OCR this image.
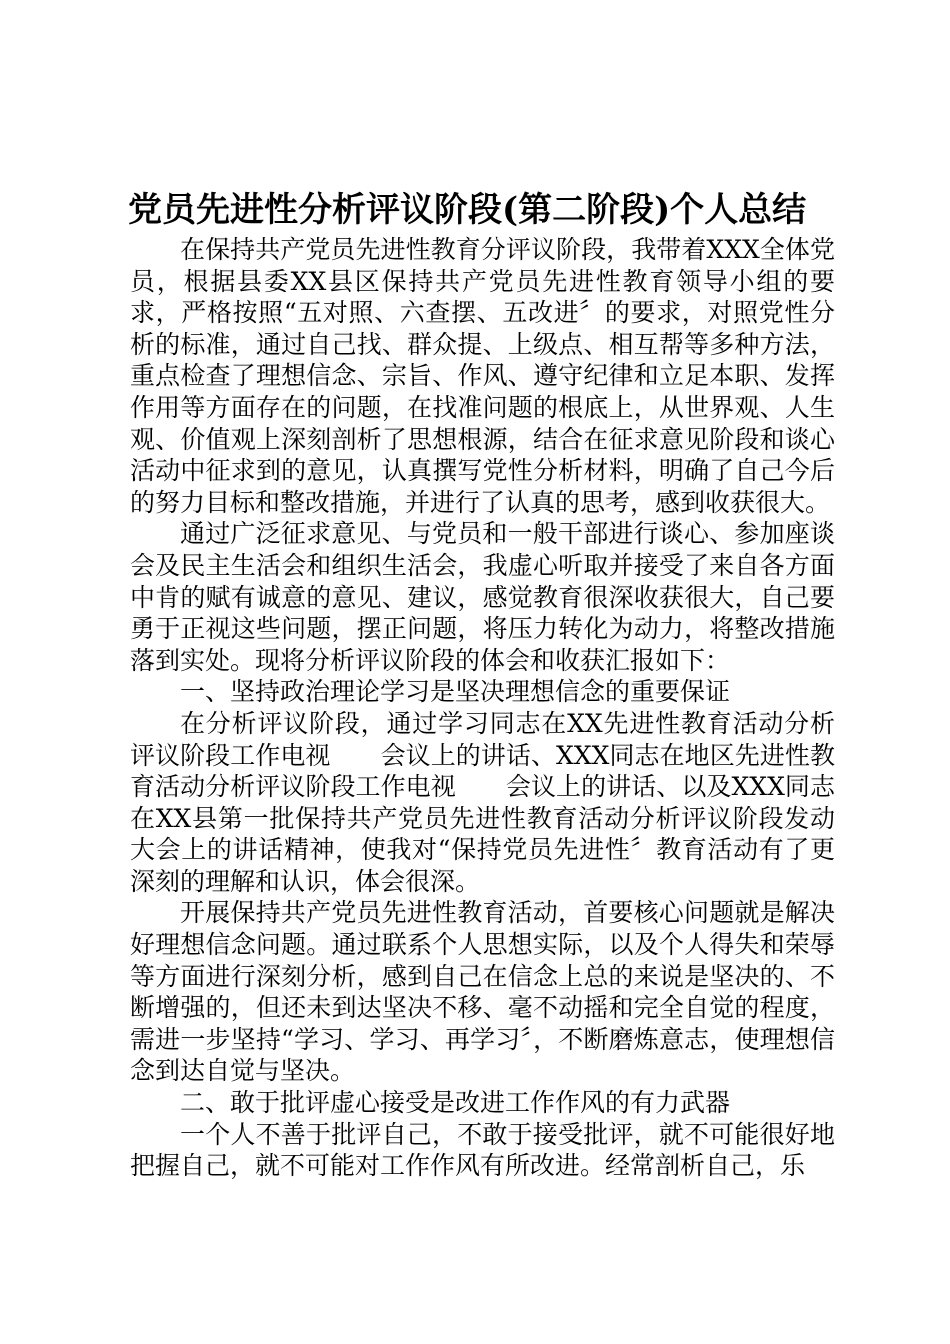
党员先进性分析评议阶段(第二阶段)个人总结

在保持共产党员先进性教育分评议阶段，我带着XXX全体党员，根据县委XX县区保持共产党员先进性教育领导小组的要求，严格按照“五对照、六查摆、五改进〞的要求，对照党性分析的标准，通过自己找、群众提、上级点、相互帮等多种方法，重点检查了理想信念、宗旨、作风、遵守纪律和立足本职、发挥作用等方面存在的问题，在找准问题的根底上，从世界观、人生观、价值观上深刻剖析了思想根源，结合在征求意见阶段和谈心活动中征求到的意见，认真撰写党性分析材料，明确了自己今后的努力目标和整改措施，并进行了认真的思考，感到收获很大。

通过广泛征求意见、与党员和一般干部进行谈心、参加座谈会及民主生活会和组织生活会，我虚心听取并接受了来自各方面中肯的赋有诚意的意见、建议，感觉教育很深收获很大，自己要勇于正视这些问题，摆正问题，将压力转化为动力，将整改措施落到实处。现将分析评议阶段的体会和收获汇报如下：

一、坚持政治理论学习是坚决理想信念的重要保证

在分析评议阶段，通过学习同志在XX先进性教育活动分析评议阶段工作电视　　会议上的讲话、XXX同志在地区先进性教育活动分析评议阶段工作电视　　会议上的讲话、以及XXX同志在XX县第一批保持共产党员先进性教育活动分析评议阶段发动大会上的讲话精神，使我对“保持党员先进性〞教育活动有了更深刻的理解和认识，体会很深。

开展保持共产党员先进性教育活动，首要核心问题就是解决好理想信念问题。通过联系个人思想实际，以及个人得失和荣辱等方面进行深刻分析，感到自己在信念上总的来说是坚决的、不断增强的，但还未到达坚决不移、毫不动摇和完全自觉的程度，需进一步坚持“学习、学习、再学习〞，不断磨炼意志，使理想信念到达自觉与坚决。

二、敢于批评虚心接受是改进工作作风的有力武器

一个人不善于批评自己，不敢于接受批评，就不可能很好地把握自己，就不可能对工作作风有所改进。经常剖析自己，乐
